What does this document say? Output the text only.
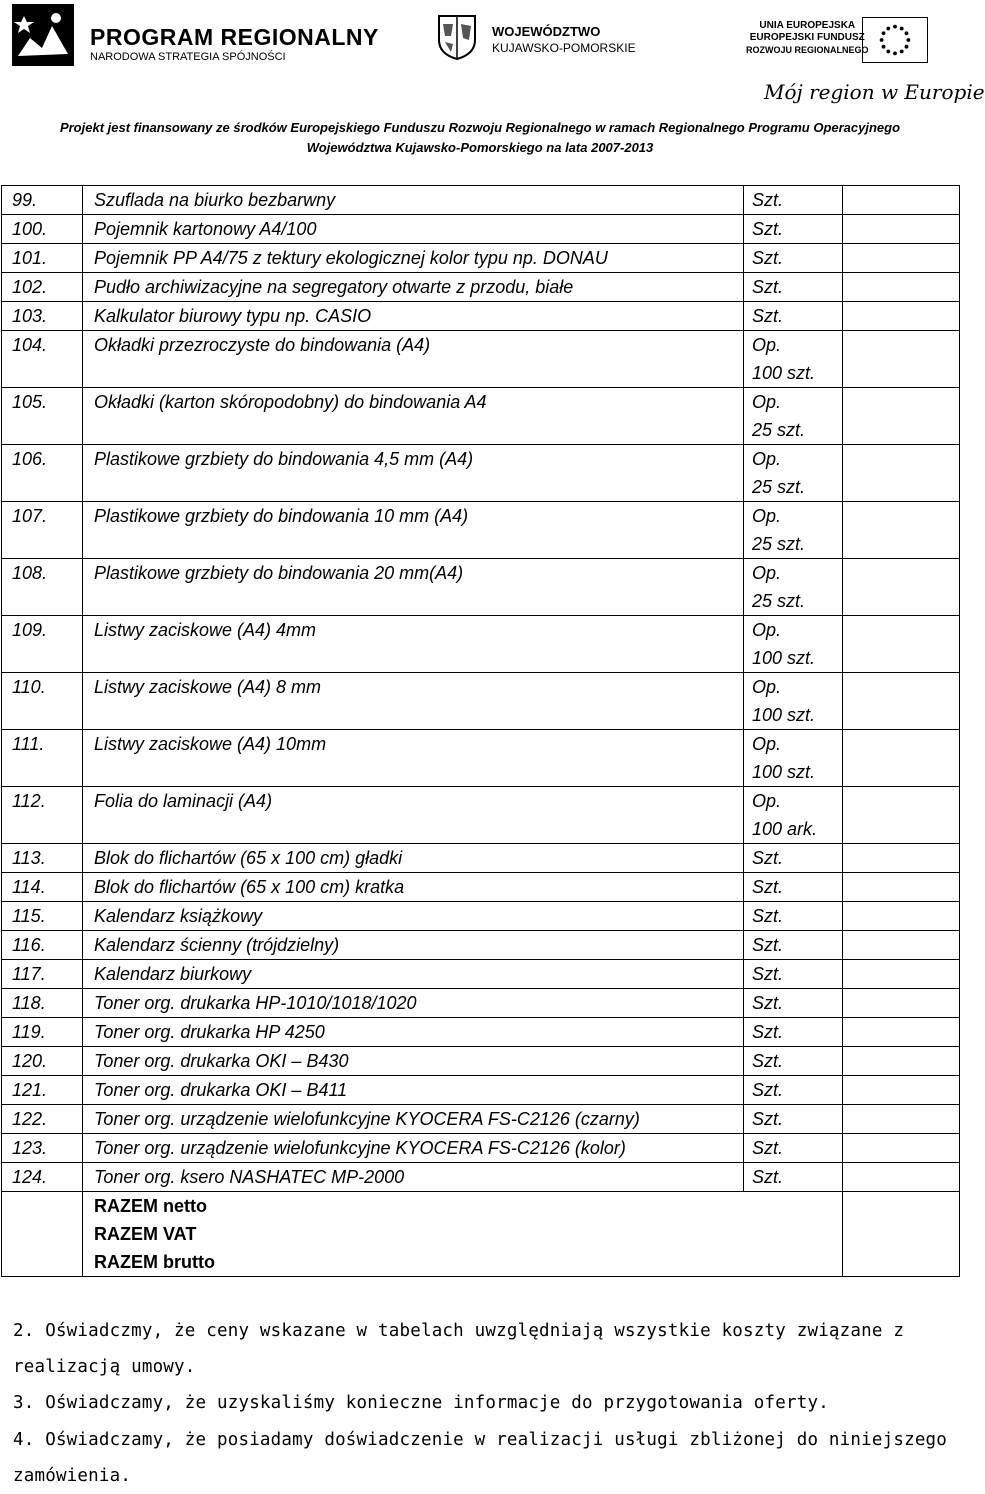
PROGRAM REGIONALNY
NARODOWA STRATEGIA SPÓJNOŚCI
WOJEWÓDZTWO
KUJAWSKO-POMORSKIE
UNIA EUROPEJSKA
EUROPEJSKI FUNDUSZ
ROZWOJU REGIONALNEGO
Mój region w Europie
Projekt jest finansowany ze środków Europejskiego Funduszu Rozwoju Regionalnego w ramach Regionalnego Programu Operacyjnego
Województwa Kujawsko-Pomorskiego na lata 2007-2013
99.	Szuflada na biurko bezbarwny	Szt.	

100.	Pojemnik kartonowy A4/100	Szt.	

101.	Pojemnik PP A4/75 z tektury ekologicznej kolor typu np. DONAU	Szt.	

102.	Pudło archiwizacyjne na segregatory otwarte z przodu, białe	Szt.	

103.	Kalkulator biurowy typu np. CASIO	Szt.	

104.	Okładki przezroczyste do bindowania (A4)	Op.
100 szt.	

105.	Okładki (karton skóropodobny) do bindowania A4	Op.
25 szt.	

106.	Plastikowe grzbiety do bindowania 4,5 mm (A4)	Op.
25 szt.	

107.	Plastikowe grzbiety do bindowania 10 mm (A4)	Op.
25 szt.	

108.	Plastikowe grzbiety do bindowania 20 mm(A4)	Op.
25 szt.	

109.	Listwy zaciskowe (A4) 4mm	Op.
100 szt.	

110.	Listwy zaciskowe (A4) 8 mm	Op.
100 szt.	

111.	Listwy zaciskowe (A4) 10mm	Op.
100 szt.	

112.	Folia do laminacji (A4)	Op.
100 ark.	

113.	Blok do flichartów (65 x 100 cm) gładki	Szt.	

114.	Blok do flichartów (65 x 100 cm) kratka	Szt.	

115.	Kalendarz książkowy	Szt.	

116.	Kalendarz ścienny (trójdzielny)	Szt.	

117.	Kalendarz biurkowy	Szt.	

118.	Toner org. drukarka HP-1010/1018/1020	Szt.	

119.	Toner org. drukarka HP 4250	Szt.	

120.	Toner org. drukarka OKI – B430	Szt.	

121.	Toner org. drukarka OKI – B411	Szt.	

122.	Toner org. urządzenie wielofunkcyjne KYOCERA FS-C2126 (czarny)	Szt.	

123.	Toner org. urządzenie wielofunkcyjne KYOCERA FS-C2126 (kolor)	Szt.	

124.	Toner org. ksero NASHATEC MP-2000	Szt.	

	RAZEM netto
RAZEM VAT
RAZEM brutto		

2. Oświadczmy, że ceny wskazane w tabelach uwzględniają wszystkie koszty związane z realizacją umowy.
3. Oświadczamy, że uzyskaliśmy konieczne informacje do przygotowania oferty.
4. Oświadczamy, że posiadamy doświadczenie w realizacji usługi zbliżonej do niniejszego zamówienia.
